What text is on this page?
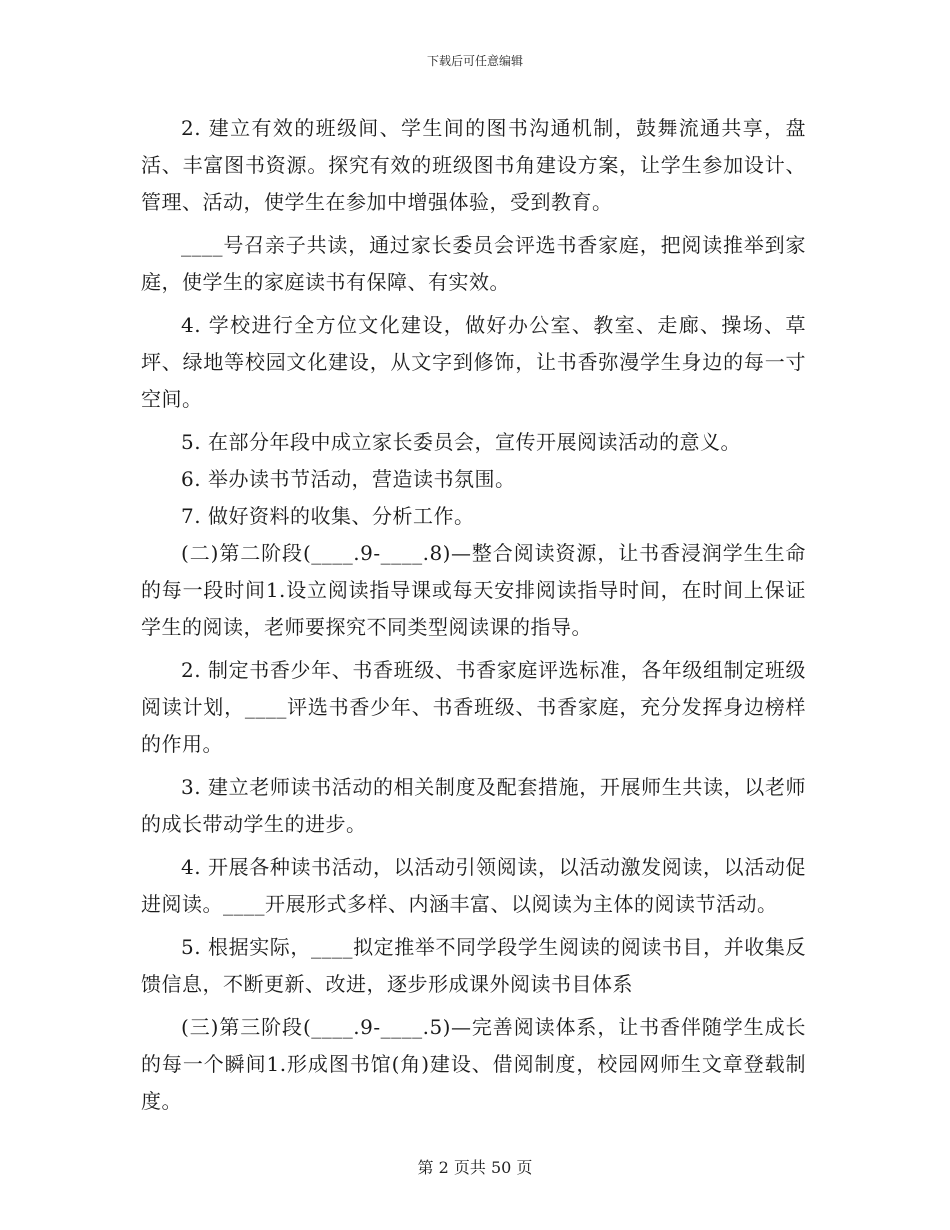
下载后可任意编辑

2. 建立有效的班级间、学生间的图书沟通机制，鼓舞流通共享，盘活、丰富图书资源。探究有效的班级图书角建设方案，让学生参加设计、管理、活动，使学生在参加中增强体验，受到教育。

____号召亲子共读，通过家长委员会评选书香家庭，把阅读推举到家庭，使学生的家庭读书有保障、有实效。

4. 学校进行全方位文化建设，做好办公室、教室、走廊、操场、草坪、绿地等校园文化建设，从文字到修饰，让书香弥漫学生身边的每一寸空间。

5. 在部分年段中成立家长委员会，宣传开展阅读活动的意义。

6. 举办读书节活动，营造读书氛围。

7. 做好资料的收集、分析工作。

(二)第二阶段(____.9-____.8)—整合阅读资源，让书香浸润学生生命的每一段时间1.设立阅读指导课或每天安排阅读指导时间，在时间上保证学生的阅读，老师要探究不同类型阅读课的指导。

2. 制定书香少年、书香班级、书香家庭评选标准，各年级组制定班级阅读计划，____评选书香少年、书香班级、书香家庭，充分发挥身边榜样的作用。

3. 建立老师读书活动的相关制度及配套措施，开展师生共读，以老师的成长带动学生的进步。

4. 开展各种读书活动，以活动引领阅读，以活动激发阅读，以活动促进阅读。____开展形式多样、内涵丰富、以阅读为主体的阅读节活动。

5. 根据实际，____拟定推举不同学段学生阅读的阅读书目，并收集反馈信息，不断更新、改进，逐步形成课外阅读书目体系

(三)第三阶段(____.9-____.5)—完善阅读体系，让书香伴随学生成长的每一个瞬间1.形成图书馆(角)建设、借阅制度，校园网师生文章登载制度。

第 2 页共 50 页
